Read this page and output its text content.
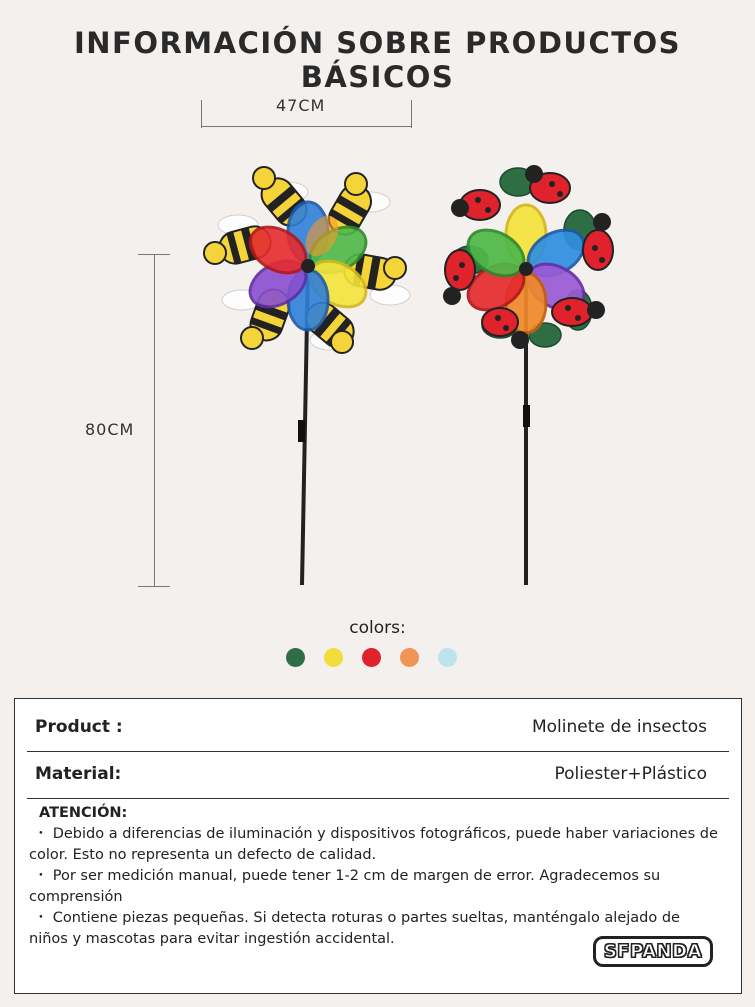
INFORMACIÓN SOBRE PRODUCTOS BÁSICOS
47CM
80CM
colors:
Product :	Molinete de insectos
Material:	Poliester+Plástico
ATENCIÓN:
・ Debido a diferencias de iluminación y dispositivos fotográficos, puede haber variaciones de color. Esto no representa un defecto de calidad.
・ Por ser medición manual, puede tener 1-2 cm de margen de error. Agradecemos su comprensión
・ Contiene piezas pequeñas. Si detecta roturas o partes sueltas, manténgalo alejado de niños y mascotas para evitar ingestión accidental.
SFPANDA
